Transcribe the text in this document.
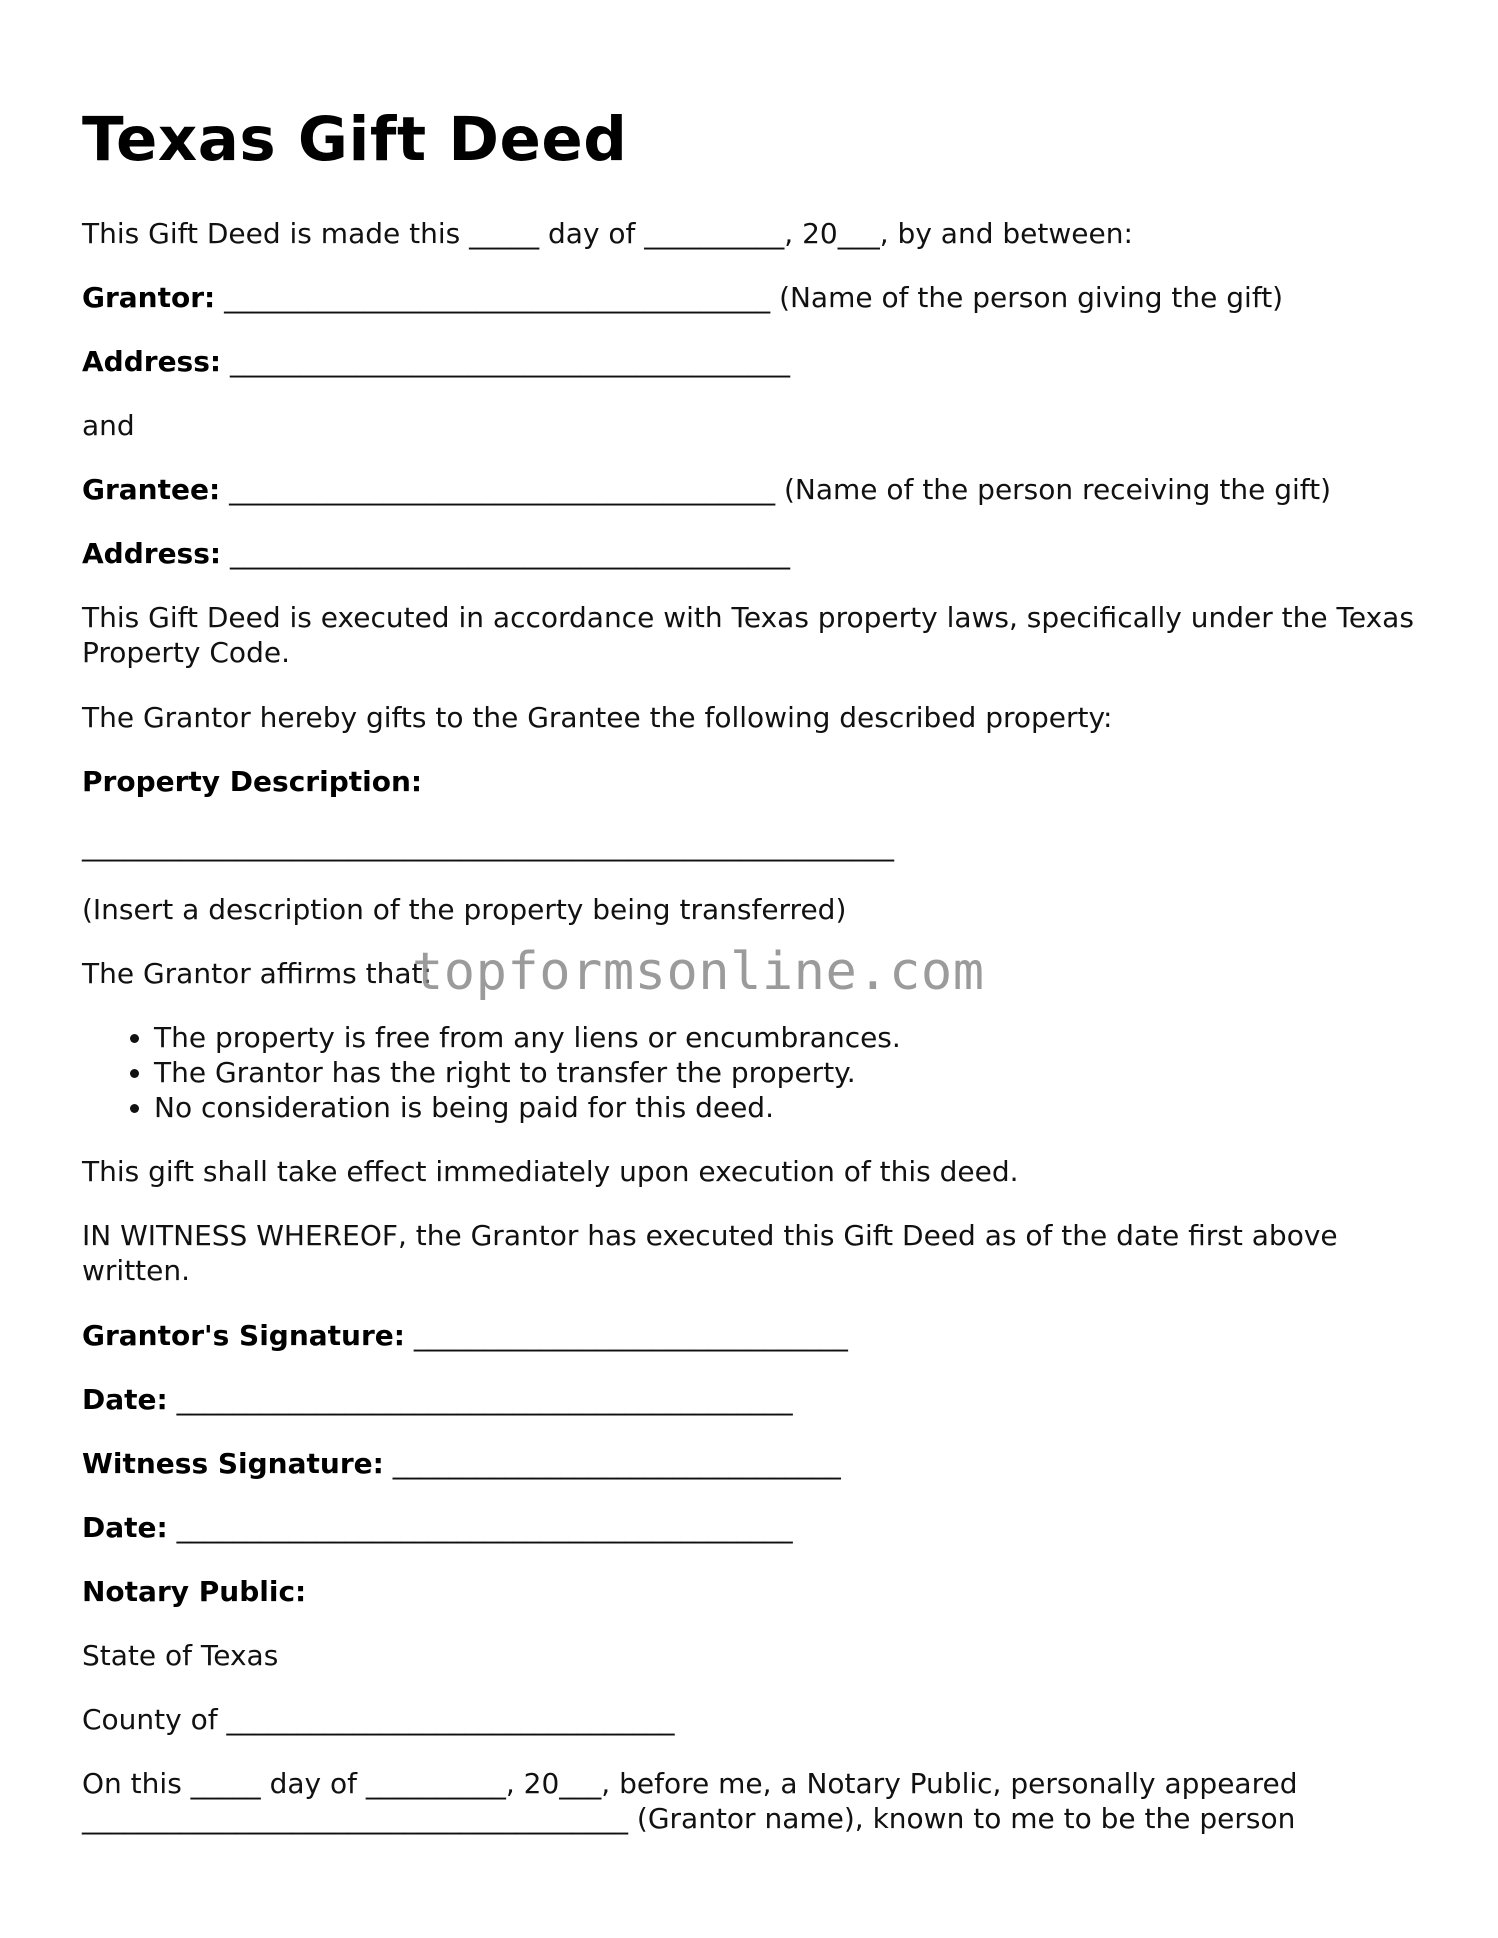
Texas Gift Deed
This Gift Deed is made this _____ day of __________, 20___, by and between:
Grantor: _______________________________________ (Name of the person giving the gift)
Address: ________________________________________
and
Grantee: _______________________________________ (Name of the person receiving the gift)
Address: ________________________________________
This Gift Deed is executed in accordance with Texas property laws, specifically under the Texas Property Code.
The Grantor hereby gifts to the Grantee the following described property:
Property Description:
__________________________________________________________
(Insert a description of the property being transferred)
The Grantor affirms that:
• The property is free from any liens or encumbrances.
• The Grantor has the right to transfer the property.
• No consideration is being paid for this deed.
This gift shall take effect immediately upon execution of this deed.
IN WITNESS WHEREOF, the Grantor has executed this Gift Deed as of the date first above written.
Grantor's Signature: _______________________________
Date: ____________________________________________
Witness Signature: ________________________________
Date: ____________________________________________
Notary Public:
State of Texas
County of ________________________________
On this _____ day of __________, 20___, before me, a Notary Public, personally appeared
_______________________________________ (Grantor name), known to me to be the person
topformsonline.com
